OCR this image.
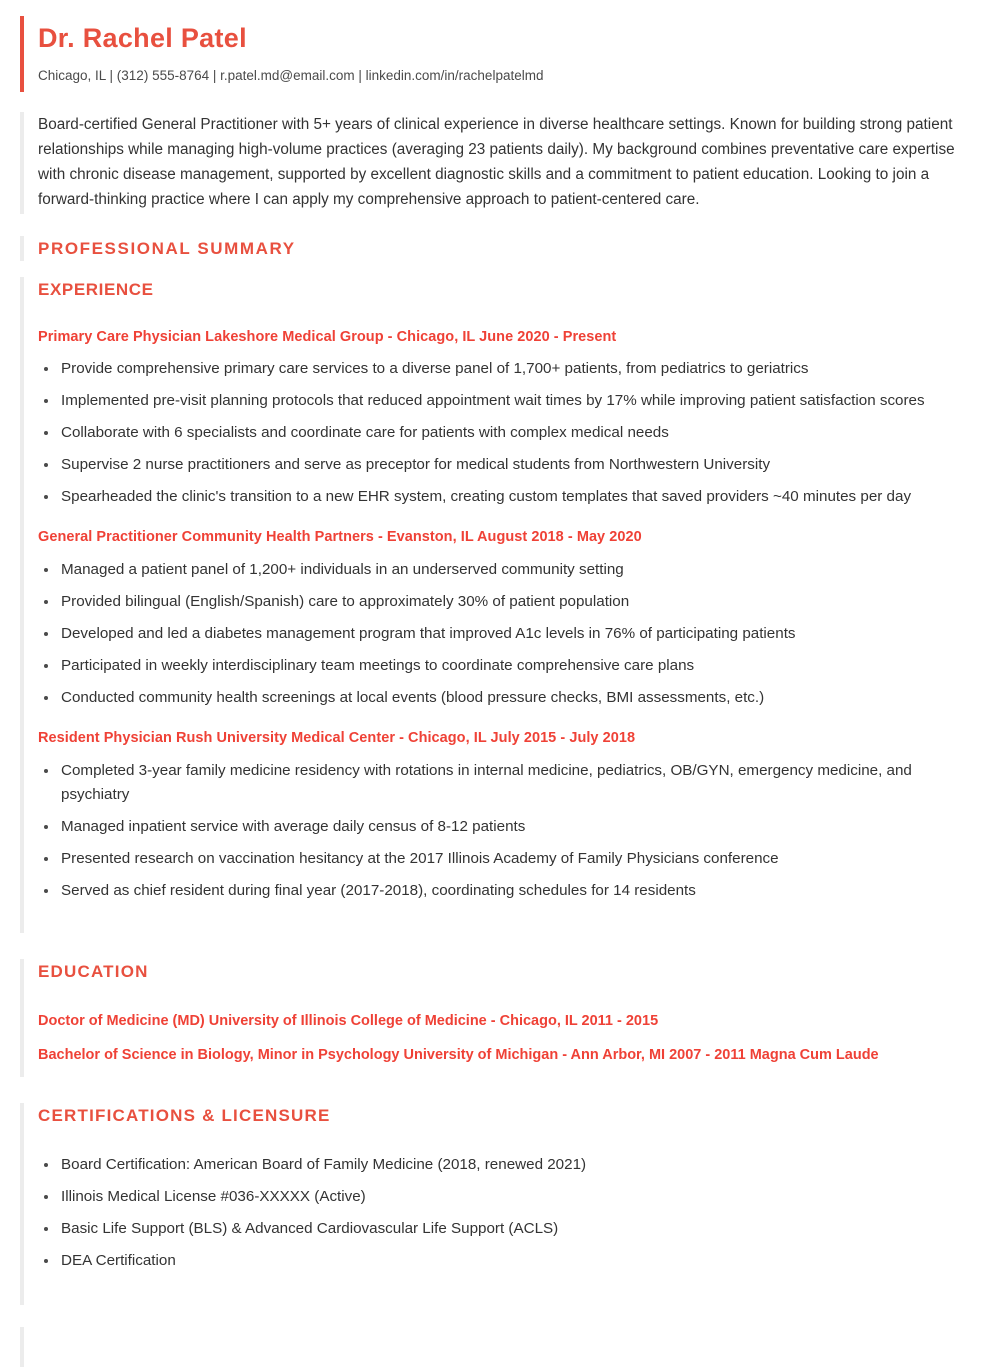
Dr. Rachel Patel
Chicago, IL | (312) 555-8764 | r.patel.md@email.com | linkedin.com/in/rachelpatelmd

Board-certified General Practitioner with 5+ years of clinical experience in diverse healthcare settings. Known for building strong patient relationships while managing high-volume practices (averaging 23 patients daily). My background combines preventative care expertise with chronic disease management, supported by excellent diagnostic skills and a commitment to patient education. Looking to join a forward-thinking practice where I can apply my comprehensive approach to patient-centered care.

PROFESSIONAL SUMMARY
EXPERIENCE
Primary Care Physician Lakeshore Medical Group - Chicago, IL June 2020 - Present
Provide comprehensive primary care services to a diverse panel of 1,700+ patients, from pediatrics to geriatrics
Implemented pre-visit planning protocols that reduced appointment wait times by 17% while improving patient satisfaction scores
Collaborate with 6 specialists and coordinate care for patients with complex medical needs
Supervise 2 nurse practitioners and serve as preceptor for medical students from Northwestern University
Spearheaded the clinic's transition to a new EHR system, creating custom templates that saved providers ~40 minutes per day
General Practitioner Community Health Partners - Evanston, IL August 2018 - May 2020
Managed a patient panel of 1,200+ individuals in an underserved community setting
Provided bilingual (English/Spanish) care to approximately 30% of patient population
Developed and led a diabetes management program that improved A1c levels in 76% of participating patients
Participated in weekly interdisciplinary team meetings to coordinate comprehensive care plans
Conducted community health screenings at local events (blood pressure checks, BMI assessments, etc.)
Resident Physician Rush University Medical Center - Chicago, IL July 2015 - July 2018
Completed 3-year family medicine residency with rotations in internal medicine, pediatrics, OB/GYN, emergency medicine, and psychiatry
Managed inpatient service with average daily census of 8-12 patients
Presented research on vaccination hesitancy at the 2017 Illinois Academy of Family Physicians conference
Served as chief resident during final year (2017-2018), coordinating schedules for 14 residents
EDUCATION
Doctor of Medicine (MD) University of Illinois College of Medicine - Chicago, IL 2011 - 2015
Bachelor of Science in Biology, Minor in Psychology University of Michigan - Ann Arbor, MI 2007 - 2011 Magna Cum Laude
CERTIFICATIONS & LICENSURE
Board Certification: American Board of Family Medicine (2018, renewed 2021)
Illinois Medical License #036-XXXXX (Active)
Basic Life Support (BLS) & Advanced Cardiovascular Life Support (ACLS)
DEA Certification
